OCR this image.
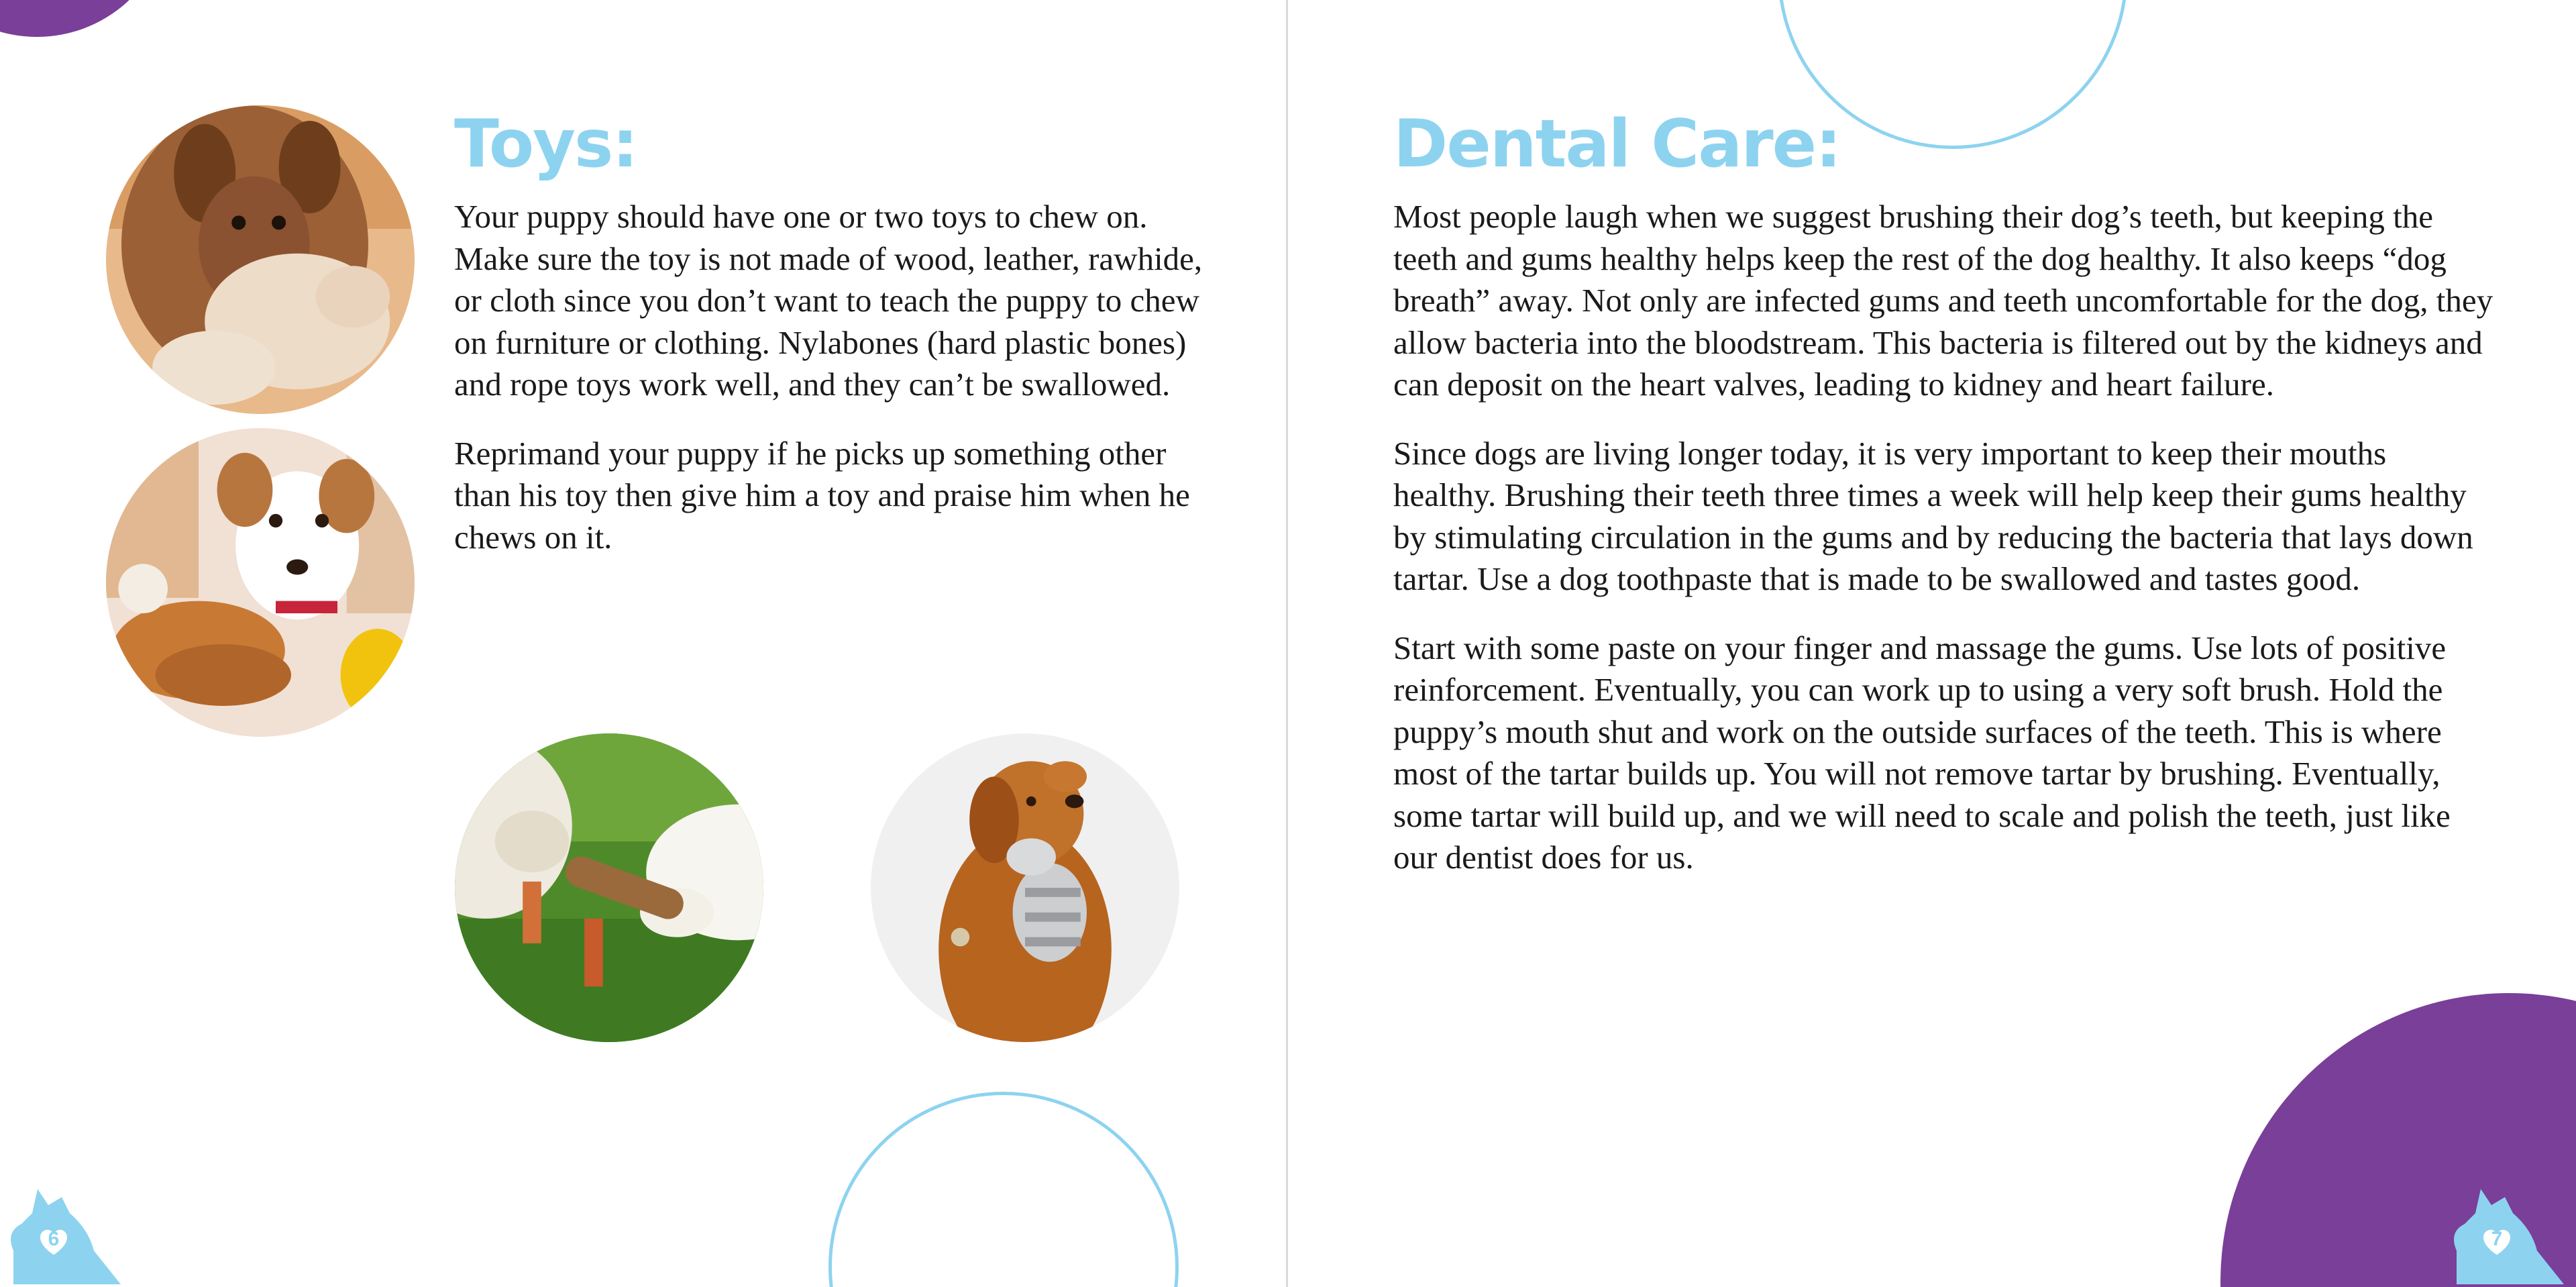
Toys:

Your puppy should have one or two toys to chew on. Make sure the toy is not made of wood, leather, rawhide, or cloth since you don’t want to teach the puppy to chew on furniture or clothing. Nylabones (hard plastic bones) and rope toys work well, and they can’t be swallowed.

Reprimand your puppy if he picks up something other than his toy then give him a toy and praise him when he chews on it.

6
Dental Care:

Most people laugh when we suggest brushing their dog’s teeth, but keeping the teeth and gums healthy helps keep the rest of the dog healthy. It also keeps “dog breath” away. Not only are infected gums and teeth uncomfortable for the dog, they allow bacteria into the bloodstream. This bacteria is filtered out by the kidneys and can deposit on the heart valves, leading to kidney and heart failure.

Since dogs are living longer today, it is very important to keep their mouths healthy. Brushing their teeth three times a week will help keep their gums healthy by stimulating circulation in the gums and by reducing the bacteria that lays down tartar. Use a dog toothpaste that is made to be swallowed and tastes good.

Start with some paste on your finger and massage the gums. Use lots of positive reinforcement. Eventually, you can work up to using a very soft brush. Hold the puppy’s mouth shut and work on the outside surfaces of the teeth. This is where most of the tartar builds up. You will not remove tartar by brushing. Eventually, some tartar will build up, and we will need to scale and polish the teeth, just like our dentist does for us.

7
